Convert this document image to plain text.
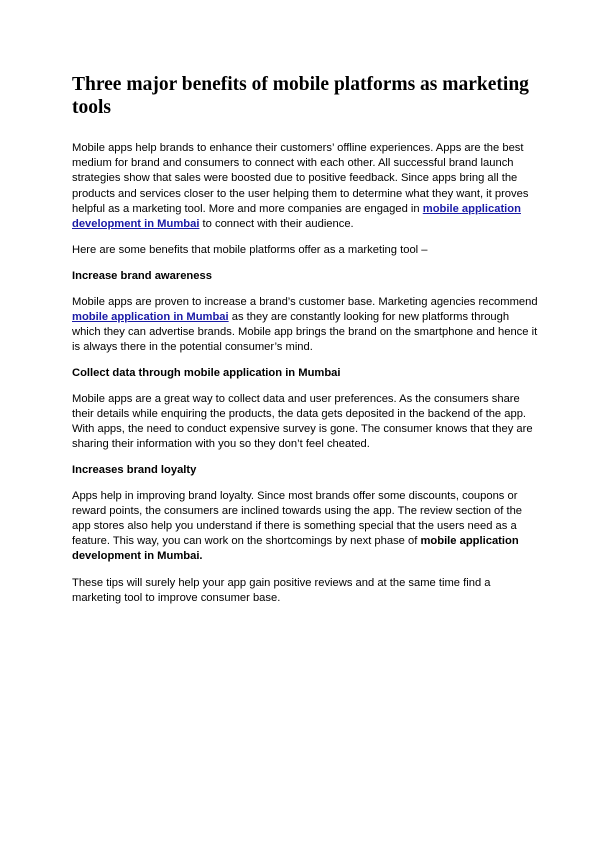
Three major benefits of mobile platforms as marketing tools

Mobile apps help brands to enhance their customers’ offline experiences. Apps are the best medium for brand and consumers to connect with each other. All successful brand launch strategies show that sales were boosted due to positive feedback. Since apps bring all the products and services closer to the user helping them to determine what they want, it proves helpful as a marketing tool. More and more companies are engaged in mobile application development in Mumbai to connect with their audience.

Here are some benefits that mobile platforms offer as a marketing tool –

Increase brand awareness

Mobile apps are proven to increase a brand’s customer base. Marketing agencies recommend mobile application in Mumbai as they are constantly looking for new platforms through which they can advertise brands. Mobile app brings the brand on the smartphone and hence it is always there in the potential consumer’s mind.

Collect data through mobile application in Mumbai

Mobile apps are a great way to collect data and user preferences. As the consumers share their details while enquiring the products, the data gets deposited in the backend of the app. With apps, the need to conduct expensive survey is gone. The consumer knows that they are sharing their information with you so they don’t feel cheated.

Increases brand loyalty

Apps help in improving brand loyalty. Since most brands offer some discounts, coupons or reward points, the consumers are inclined towards using the app. The review section of the app stores also help you understand if there is something special that the users need as a feature. This way, you can work on the shortcomings by next phase of mobile application development in Mumbai.

These tips will surely help your app gain positive reviews and at the same time find a marketing tool to improve consumer base.
